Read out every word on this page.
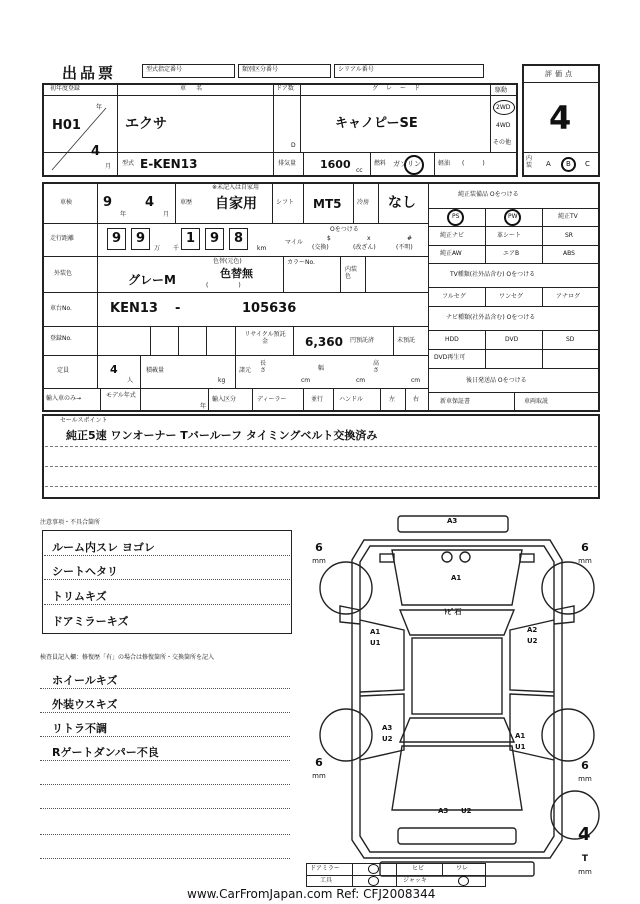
出品票	型式指定番号	類別区分番号	シリアル番号
評価点
4
内装 A B C
初年度登録
年
H01
4
月
車名
エクサ
ドア数
D
グレード
キャノピーSE
駆動
2WD
4WD
その他
型式 E-KEN13	排気量 1600 cc
燃料 ガソリン	軽油 (　　　)
車検 9
年
4
月
車歴
※未記入は自家用
自家用	シフト MT5	冷房 なし
走行距離	9 9
万
1 9 8
千	km
マイル
Oをつける
$	x	#
(交換)	(改ざん)	(不明)
外装色	グレーM
色替(元色)
色替無
(　　　　　)
カラーNo.
内装色
車台No.	KEN13 -	105636
登録No.
リサイクル預託金	6,360 円預託済	未預託
定員	4
人
積載量
kg
諸元
長さ
cm
幅
cm
高さ
cm
輸入車のみ→	モデル年式
年
輸入区分	ディーラー	並行	ハンドル	左	右
純正装備品 Oをつける
PS	PW	純正TV
純正ナビ	革シート	SR
純正AW	エアB	ABS
TV種類(社外品含む) Oをつける
フルセグ	ワンセグ	アナログ
ナビ種類(社外品含む) Oをつける
HDD	DVD	SD
DVD再生可
後日発送品 Oをつける
新車保証書	車両取説
セールスポイント
純正5速 ワンオーナー Tバールーフ タイミングベルト交換済み
注意事項・不具合箇所
ルーム内スレ ヨゴレ
シートヘタリ
トリムキズ
ドアミラーキズ
検査員記入欄：修復歴「有」の場合は修復箇所・交換箇所を記入
ホイールキズ
外装ウスキズ
リトラ不調
Rゲートダンパー不良
A3
A1
ﾄﾋﾞ石
A1
U1
A2
U2
A3
U2	A1
U1
A3 U2
6
mm
6
mm
6
mm
6
mm
4
T
mm
ドアミラー	ヒビ	ワレ
工具	ジャッキ
www.CarFromJapan.com Ref: CFJ2008344
